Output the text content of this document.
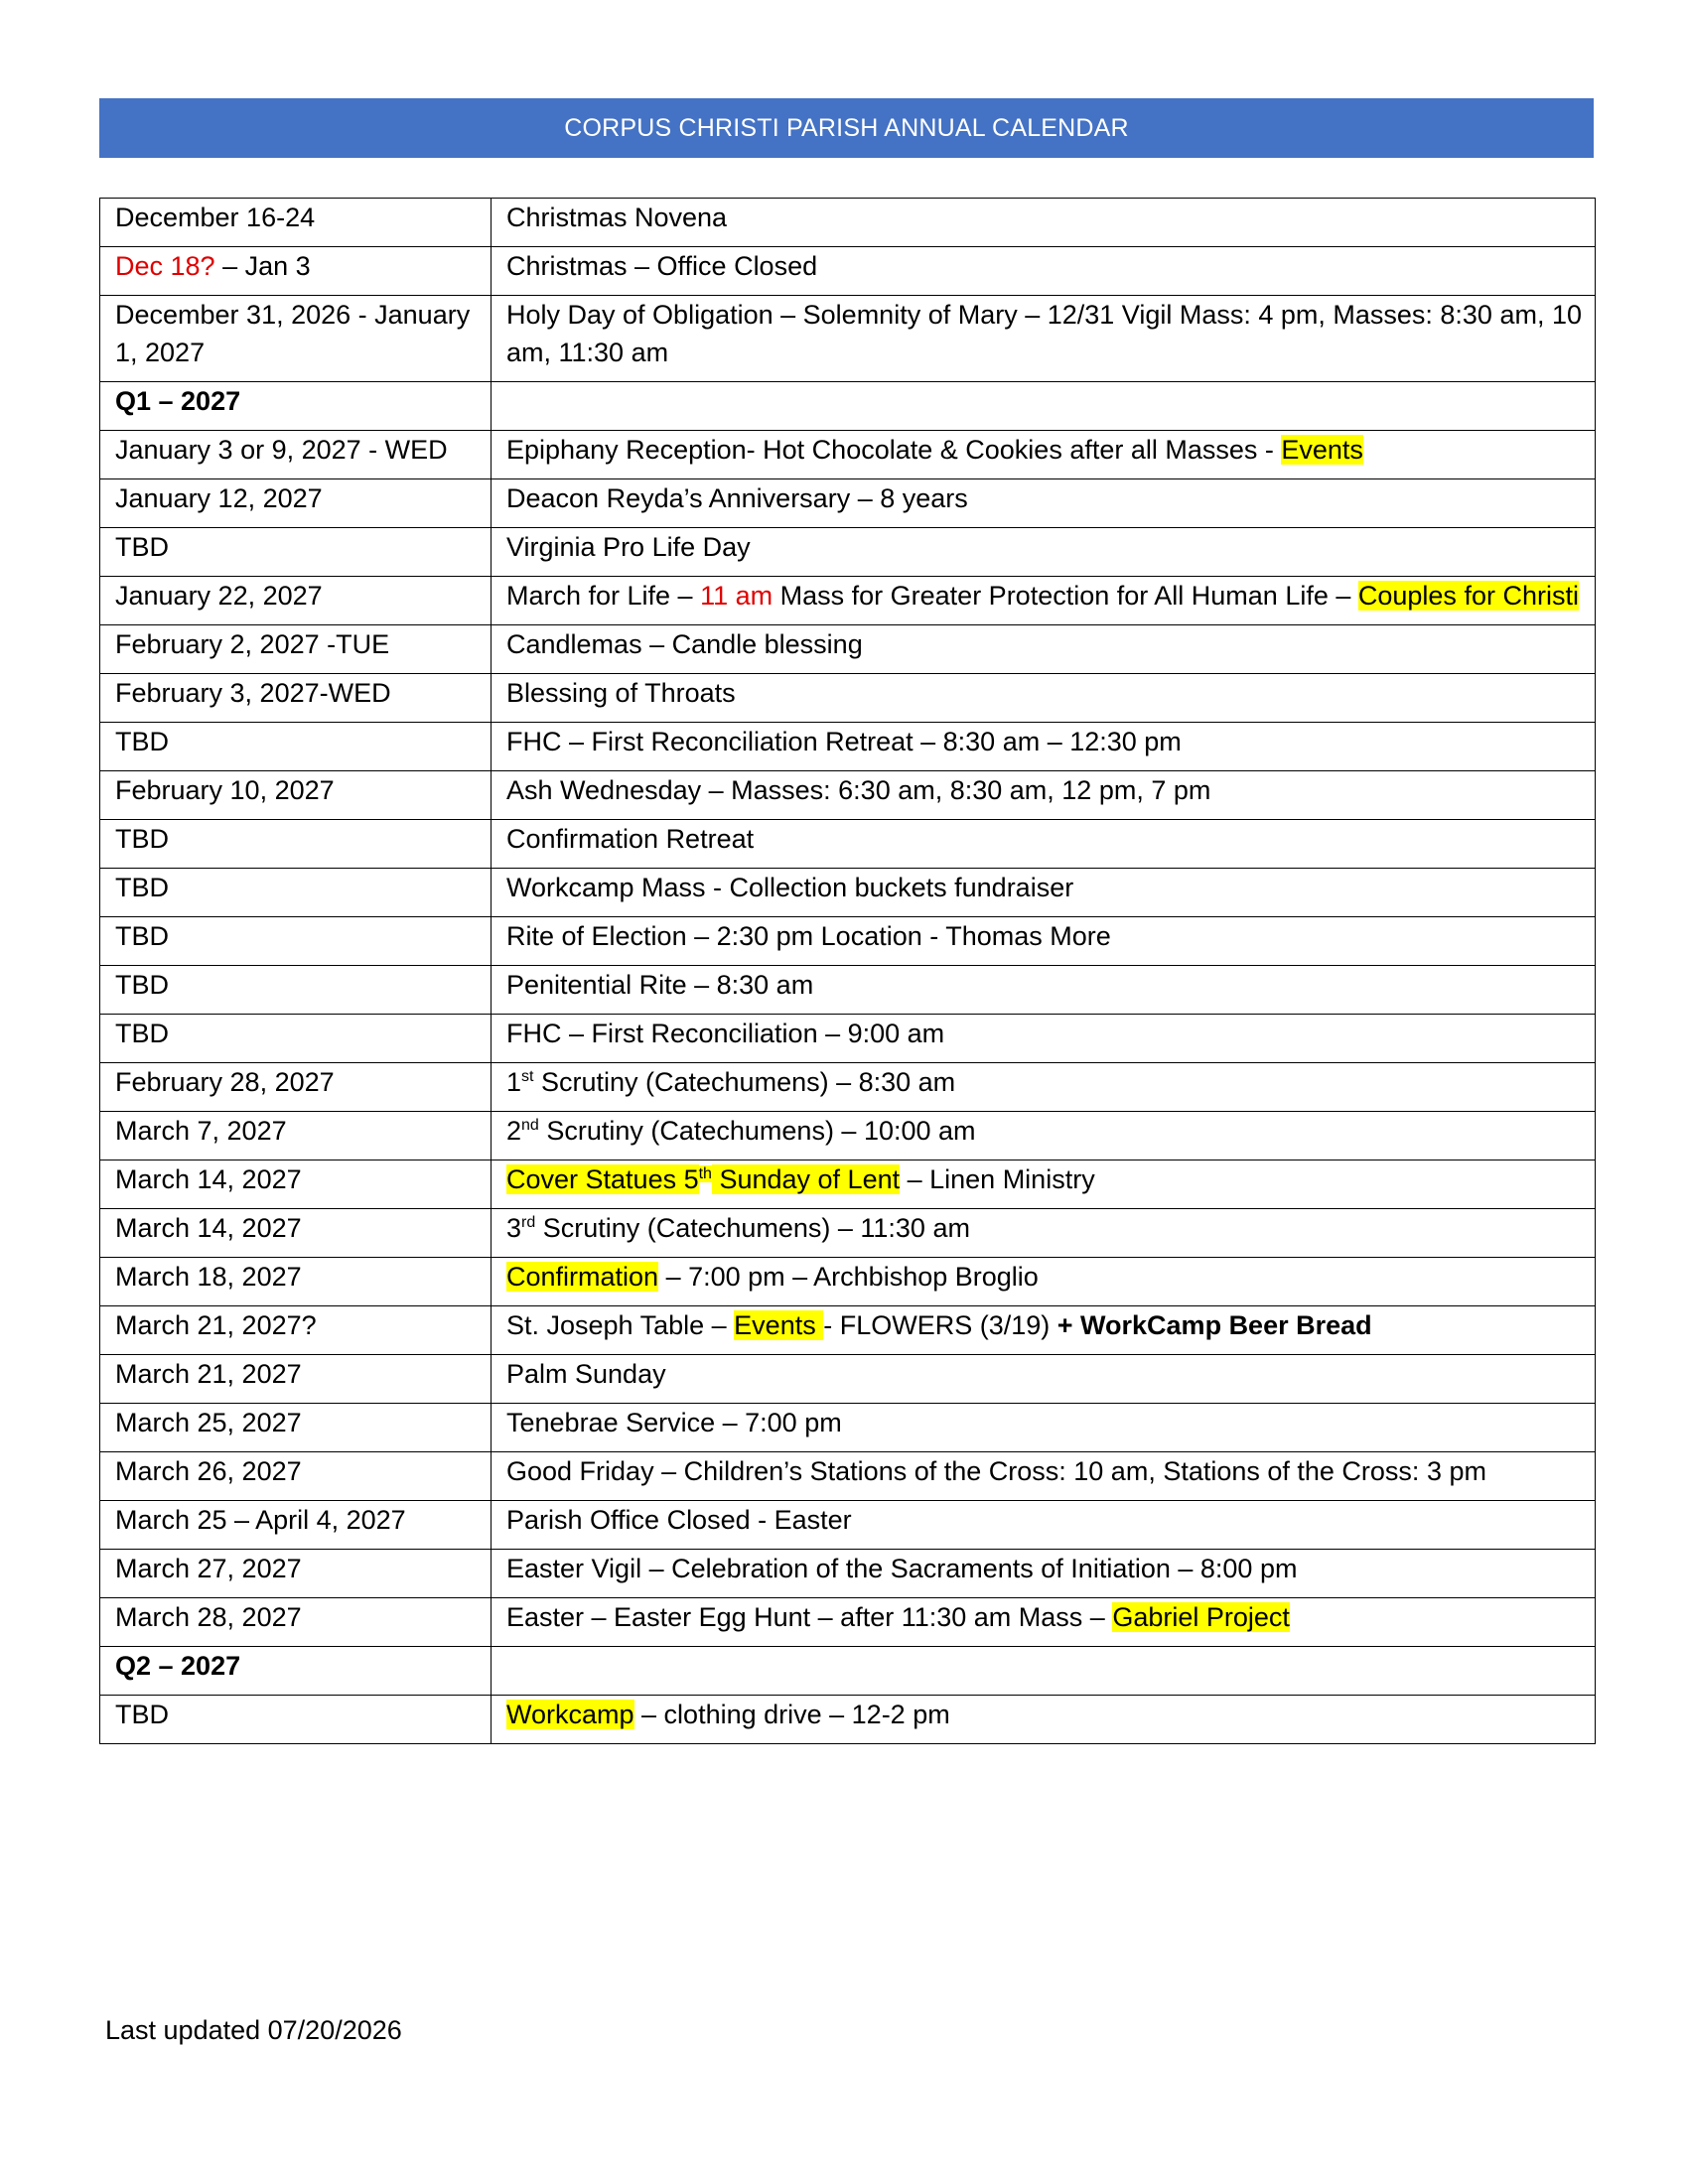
CORPUS CHRISTI PARISH ANNUAL CALENDAR
December 16-24	Christmas Novena
Dec 18? – Jan 3	Christmas – Office Closed
December 31, 2026 - January 1, 2027	Holy Day of Obligation – Solemnity of Mary – 12/31 Vigil Mass: 4 pm, Masses: 8:30 am, 10 am, 11:30 am
Q1 – 2027	
January 3 or 9, 2027 - WED	Epiphany Reception- Hot Chocolate & Cookies after all Masses - Events
January 12, 2027	Deacon Reyda’s Anniversary – 8 years
TBD	Virginia Pro Life Day
January 22, 2027	March for Life – 11 am Mass for Greater Protection for All Human Life – Couples for Christi
February 2, 2027 -TUE	Candlemas – Candle blessing
February 3, 2027-WED	Blessing of Throats
TBD	FHC – First Reconciliation Retreat – 8:30 am – 12:30 pm
February 10, 2027	Ash Wednesday – Masses: 6:30 am, 8:30 am, 12 pm, 7 pm
TBD	Confirmation Retreat
TBD	Workcamp Mass - Collection buckets fundraiser
TBD	Rite of Election – 2:30 pm Location - Thomas More
TBD	Penitential Rite – 8:30 am
TBD	FHC – First Reconciliation – 9:00 am
February 28, 2027	1st Scrutiny (Catechumens) – 8:30 am
March 7, 2027	2nd Scrutiny (Catechumens) – 10:00 am
March 14, 2027	Cover Statues 5th Sunday of Lent – Linen Ministry
March 14, 2027	3rd Scrutiny (Catechumens) – 11:30 am
March 18, 2027	Confirmation – 7:00 pm – Archbishop Broglio
March 21, 2027?	St. Joseph Table – Events - FLOWERS (3/19) + WorkCamp Beer Bread
March 21, 2027	Palm Sunday
March 25, 2027	Tenebrae Service – 7:00 pm
March 26, 2027	Good Friday – Children’s Stations of the Cross: 10 am, Stations of the Cross: 3 pm
March 25 – April 4, 2027	Parish Office Closed - Easter
March 27, 2027	Easter Vigil – Celebration of the Sacraments of Initiation – 8:00 pm
March 28, 2027	Easter – Easter Egg Hunt – after 11:30 am Mass – Gabriel Project
Q2 – 2027	
TBD	Workcamp – clothing drive – 12-2 pm
Last updated 07/20/2026
